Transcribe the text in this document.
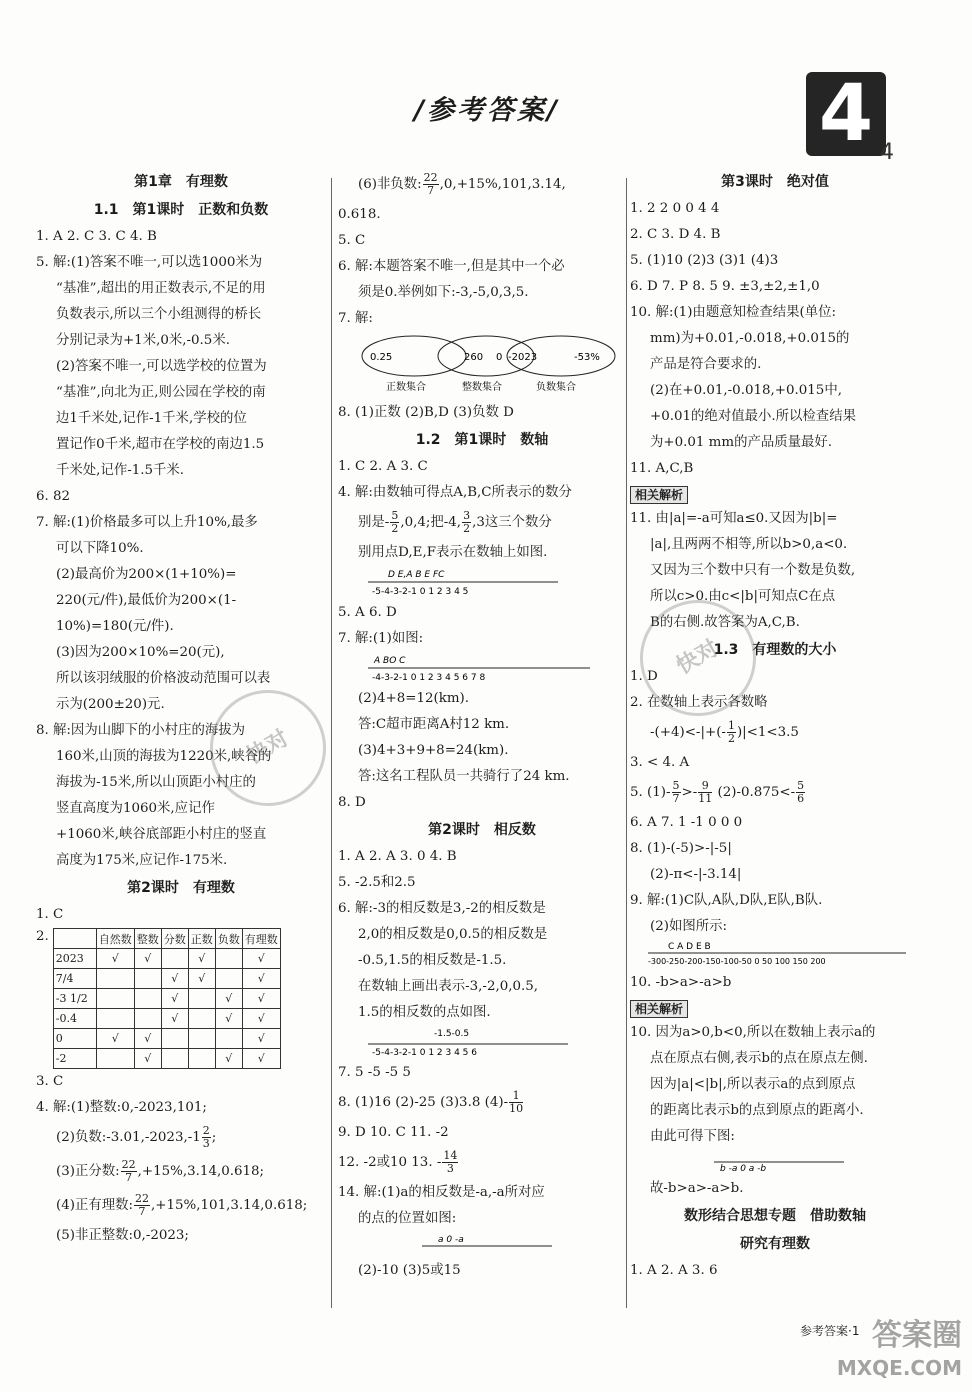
/参考答案/	4 4
第1章　有理数
1.1　第1课时　正数和负数
1. A 2. C 3. C 4. B
5. 解:(1)答案不唯一,可以选1000米为
“基准”,超出的用正数表示,不足的用
负数表示,所以三个小组测得的桥长
分别记录为+1米,0米,-0.5米.
(2)答案不唯一,可以选学校的位置为
“基准”,向北为正,则公园在学校的南
边1千米处,记作-1千米,学校的位
置记作0千米,超市在学校的南边1.5
千米处,记作-1.5千米.
6. 82
7. 解:(1)价格最多可以上升10%,最多
可以下降10%.
(2)最高价为200×(1+10%)=
220(元/件),最低价为200×(1-
10%)=180(元/件).
(3)因为200×10%=20(元),
所以该羽绒服的价格波动范围可以表
示为(200±20)元.
8. 解:因为山脚下的小村庄的海拔为
160米,山顶的海拔为1220米,峡谷的
海拔为-15米,所以山顶距小村庄的
竖直高度为1060米,应记作
+1060米,峡谷底部距小村庄的竖直
高度为175米,应记作-175米.
第2课时　有理数
1. C
2.
		自然数	整数	分数	正数	负数	有理数
2023	√	√		√		√
7/4			√	√		√
-3 1/2			√		√	√
-0.4			√		√	√
0	√	√				√
-2		√			√	√
3. C
4. 解:(1)整数:0,-2023,101;
(2)负数:-3.01,-2023,-1 $\frac{2}{3}$ ;
(3)正分数: $\frac{22}{7} ,+15\%,3.14,0.618$;
(4)正有理数: $\frac{22}{7} ,+15\%,101,3.14,0.618$;
(5)非正整数:0,-2023;
(6)非负数: $\frac{22}{7} ,0,+15\%,101,3.14$,
0.618.
5. C
6. 解:本题答案不唯一,但是其中一个必
须是0.举例如下:-3,-5,0,3,5.
7. 解:
0.25	260 0 -2023	-53%
正数集合	整数集合	负数集合
8. (1)正数 (2)B,D (3)负数 D
1.2　第1课时　数轴
1. C 2. A 3. C
4. 解:由数轴可得点A,B,C所表示的数分
别是- $\frac{5}{2} ,0,4$;把-4, $\frac{3}{2} ,3$这三个数分
别用点D,E,F表示在数轴上如图.
-5-4-3-2-1 0 1 2 3 4 5
D E,A B E FC
5. A 6. D
7. 解:(1)如图:
-4-3-2-1 0 1 2 3 4 5 6 7 8
A BO C
(2)4+8=12(km).
答:C超市距离A村12 km.
(3)4+3+9+8=24(km).
答:这名工程队员一共骑行了24 km.
8. D
第2课时　相反数
1. A 2. A 3. 0 4. B
5. -2.5和2.5
6. 解:-3的相反数是3,-2的相反数是
2,0的相反数是0,0.5的相反数是
-0.5,1.5的相反数是-1.5.
在数轴上画出表示-3,-2,0,0.5,
1.5的相反数的点如图.
-5-4-3-2-1 0 1 2 3 4 5 6
-1.5-0.5
7. 5 -5 -5 5
8. (1)16 (2)-25 (3)3.8 $(4)- \frac{1}{10}$
9. D 10. C 11. -2
12. -2或10 13. - $\frac{14}{3}$
14. 解:(1)a的相反数是-a,-a所对应
的点的位置如图:
a 0 -a
(2)-10 (3)5或15
第3课时　绝对值
1. 2 2 0 0 4 4
2. C 3. D 4. B
5. (1)10 (2)3 (3)1 (4)3
6. D 7. P 8. 5 9. ±3,±2,±1,0
10. 解:(1)由题意知检查结果(单位:
mm)为+0.01,-0.018,+0.015的
产品是符合要求的.
(2)在+0.01,-0.018,+0.015中,
+0.01的绝对值最小.所以检查结果
为+0.01 mm的产品质量最好.
11. A,C,B
相关解析
11. 由|a|=-a可知a≤0.又因为|b|=
|a|,且两两不相等,所以b>0,a<0.
又因为三个数中只有一个数是负数,
所以c>0.由c<|b|可知点C在点
B的右侧.故答案为A,C,B.
1.3　有理数的大小
1. D
2. 在数轴上表示各数略
$-(+4)<-|+(- \frac{1}{2} )|<1<3.5$
3. < 4. A
5. $(1)- \frac{5}{7} >- \frac{9}{11} (2)-0.875<- \frac{5}{6}$
6. A 7. 1 -1 0 0 0
8. (1)-(-5)>-|-5|
(2)-π<-|-3.14|
9. 解:(1)C队,A队,D队,E队,B队.
(2)如图所示:
-300-250-200-150-100-50 0 50 100 150 200
C A D E B
10. -b>a>-a>b
相关解析
10. 因为a>0,b<0,所以在数轴上表示a的
点在原点右侧,表示b的点在原点左侧.
因为|a|<|b|,所以表示a的点到原点
的距离比表示b的点到原点的距离小.
由此可得下图:
b -a 0 a -b
故-b>a>-a>b.
数形结合思想专题　借助数轴
研究有理数
1. A 2. A 3. 6
快对
快对
参考答案·1 答案圈
MXQE.COM
